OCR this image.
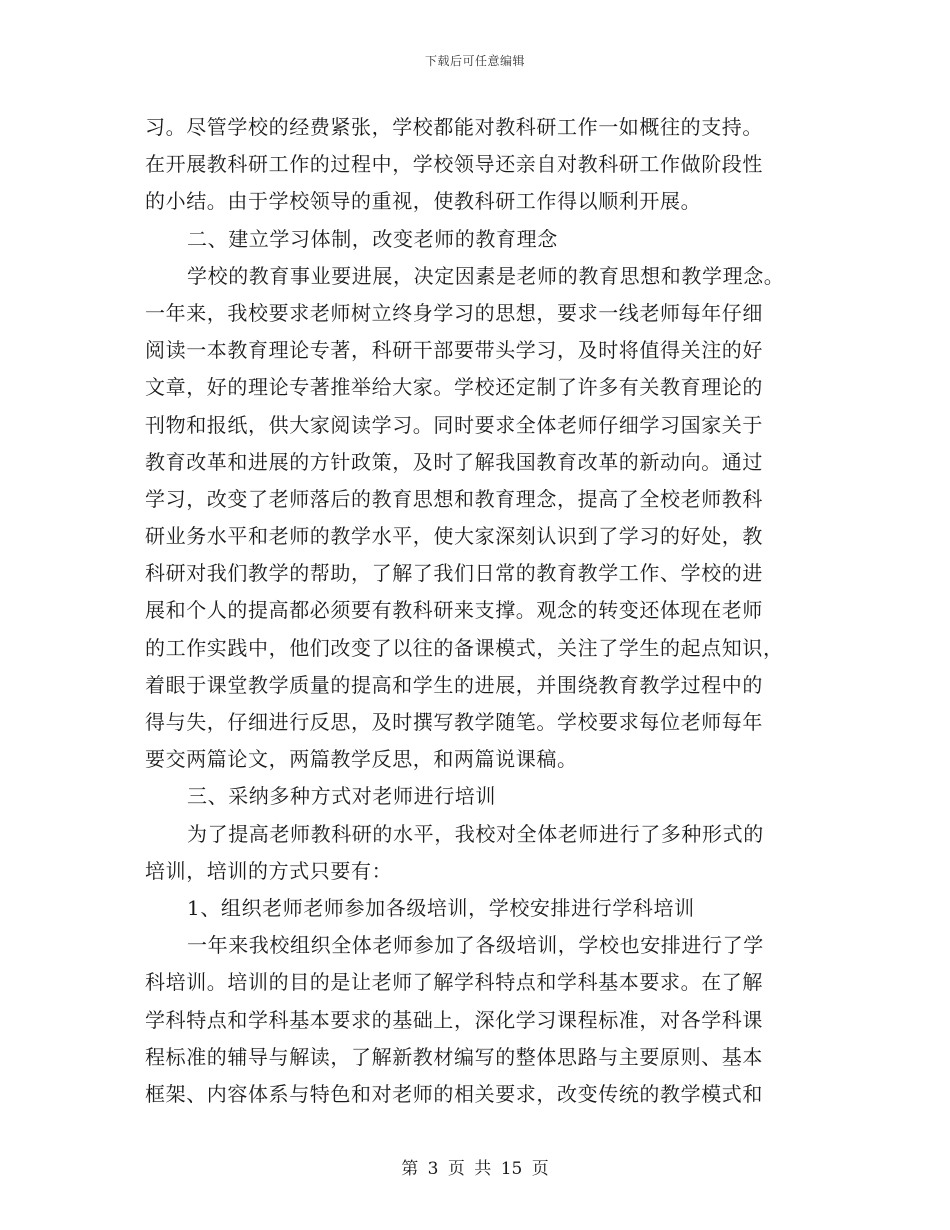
下载后可任意编辑
习。尽管学校的经费紧张，学校都能对教科研工作一如概往的支持。
在开展教科研工作的过程中，学校领导还亲自对教科研工作做阶段性
的小结。由于学校领导的重视，使教科研工作得以顺利开展。
二、建立学习体制，改变老师的教育理念
学校的教育事业要进展，决定因素是老师的教育思想和教学理念。
一年来，我校要求老师树立终身学习的思想，要求一线老师每年仔细
阅读一本教育理论专著，科研干部要带头学习，及时将值得关注的好
文章，好的理论专著推举给大家。学校还定制了许多有关教育理论的
刊物和报纸，供大家阅读学习。同时要求全体老师仔细学习国家关于
教育改革和进展的方针政策，及时了解我国教育改革的新动向。通过
学习，改变了老师落后的教育思想和教育理念，提高了全校老师教科
研业务水平和老师的教学水平，使大家深刻认识到了学习的好处，教
科研对我们教学的帮助，了解了我们日常的教育教学工作、学校的进
展和个人的提高都必须要有教科研来支撑。观念的转变还体现在老师
的工作实践中，他们改变了以往的备课模式，关注了学生的起点知识，
着眼于课堂教学质量的提高和学生的进展，并围绕教育教学过程中的
得与失，仔细进行反思，及时撰写教学随笔。学校要求每位老师每年
要交两篇论文，两篇教学反思，和两篇说课稿。
三、采纳多种方式对老师进行培训
为了提高老师教科研的水平，我校对全体老师进行了多种形式的
培训，培训的方式只要有：
1、组织老师老师参加各级培训，学校安排进行学科培训
一年来我校组织全体老师参加了各级培训，学校也安排进行了学
科培训。培训的目的是让老师了解学科特点和学科基本要求。在了解
学科特点和学科基本要求的基础上，深化学习课程标准，对各学科课
程标准的辅导与解读，了解新教材编写的整体思路与主要原则、基本
框架、内容体系与特色和对老师的相关要求，改变传统的教学模式和
第 3 页 共 15 页
